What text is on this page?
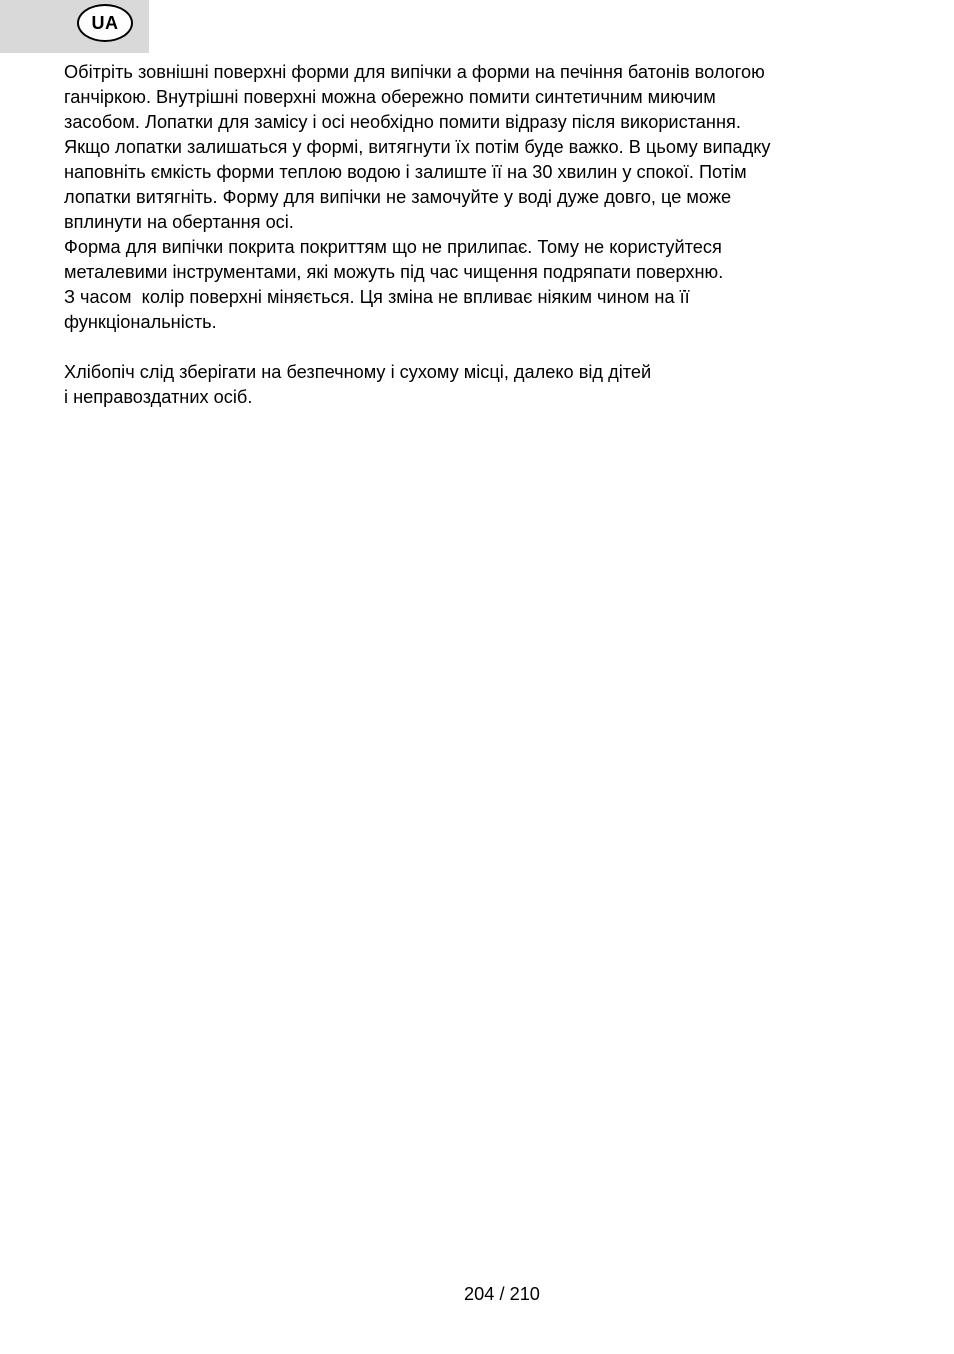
UA
Обітріть зовнішні поверхні форми для випічки а форми на печіння батонів вологою
ганчіркою. Внутрішні поверхні можна обережно помити синтетичним миючим
засобом. Лопатки для замісу і осі необхідно помити відразу після використання.
Якщо лопатки залишаться у формі, витягнути їх потім буде важко. В цьому випадку
наповніть ємкість форми теплою водою і залиште її на 30 хвилин у спокої. Потім
лопатки витягніть. Форму для випічки не замочуйте у воді дуже довго, це може
вплинути на обертання осі.
Форма для випічки покрита покриттям що не прилипає. Тому не користуйтеся
металевими інструментами, які можуть під час чищення подряпати поверхню.
З часом  колір поверхні міняється. Ця зміна не впливає ніяким чином на її
функціональність.
Хлібопіч слід зберігати на безпечному і сухому місці, далеко від дітей
і неправоздатних осіб.
204 / 210
